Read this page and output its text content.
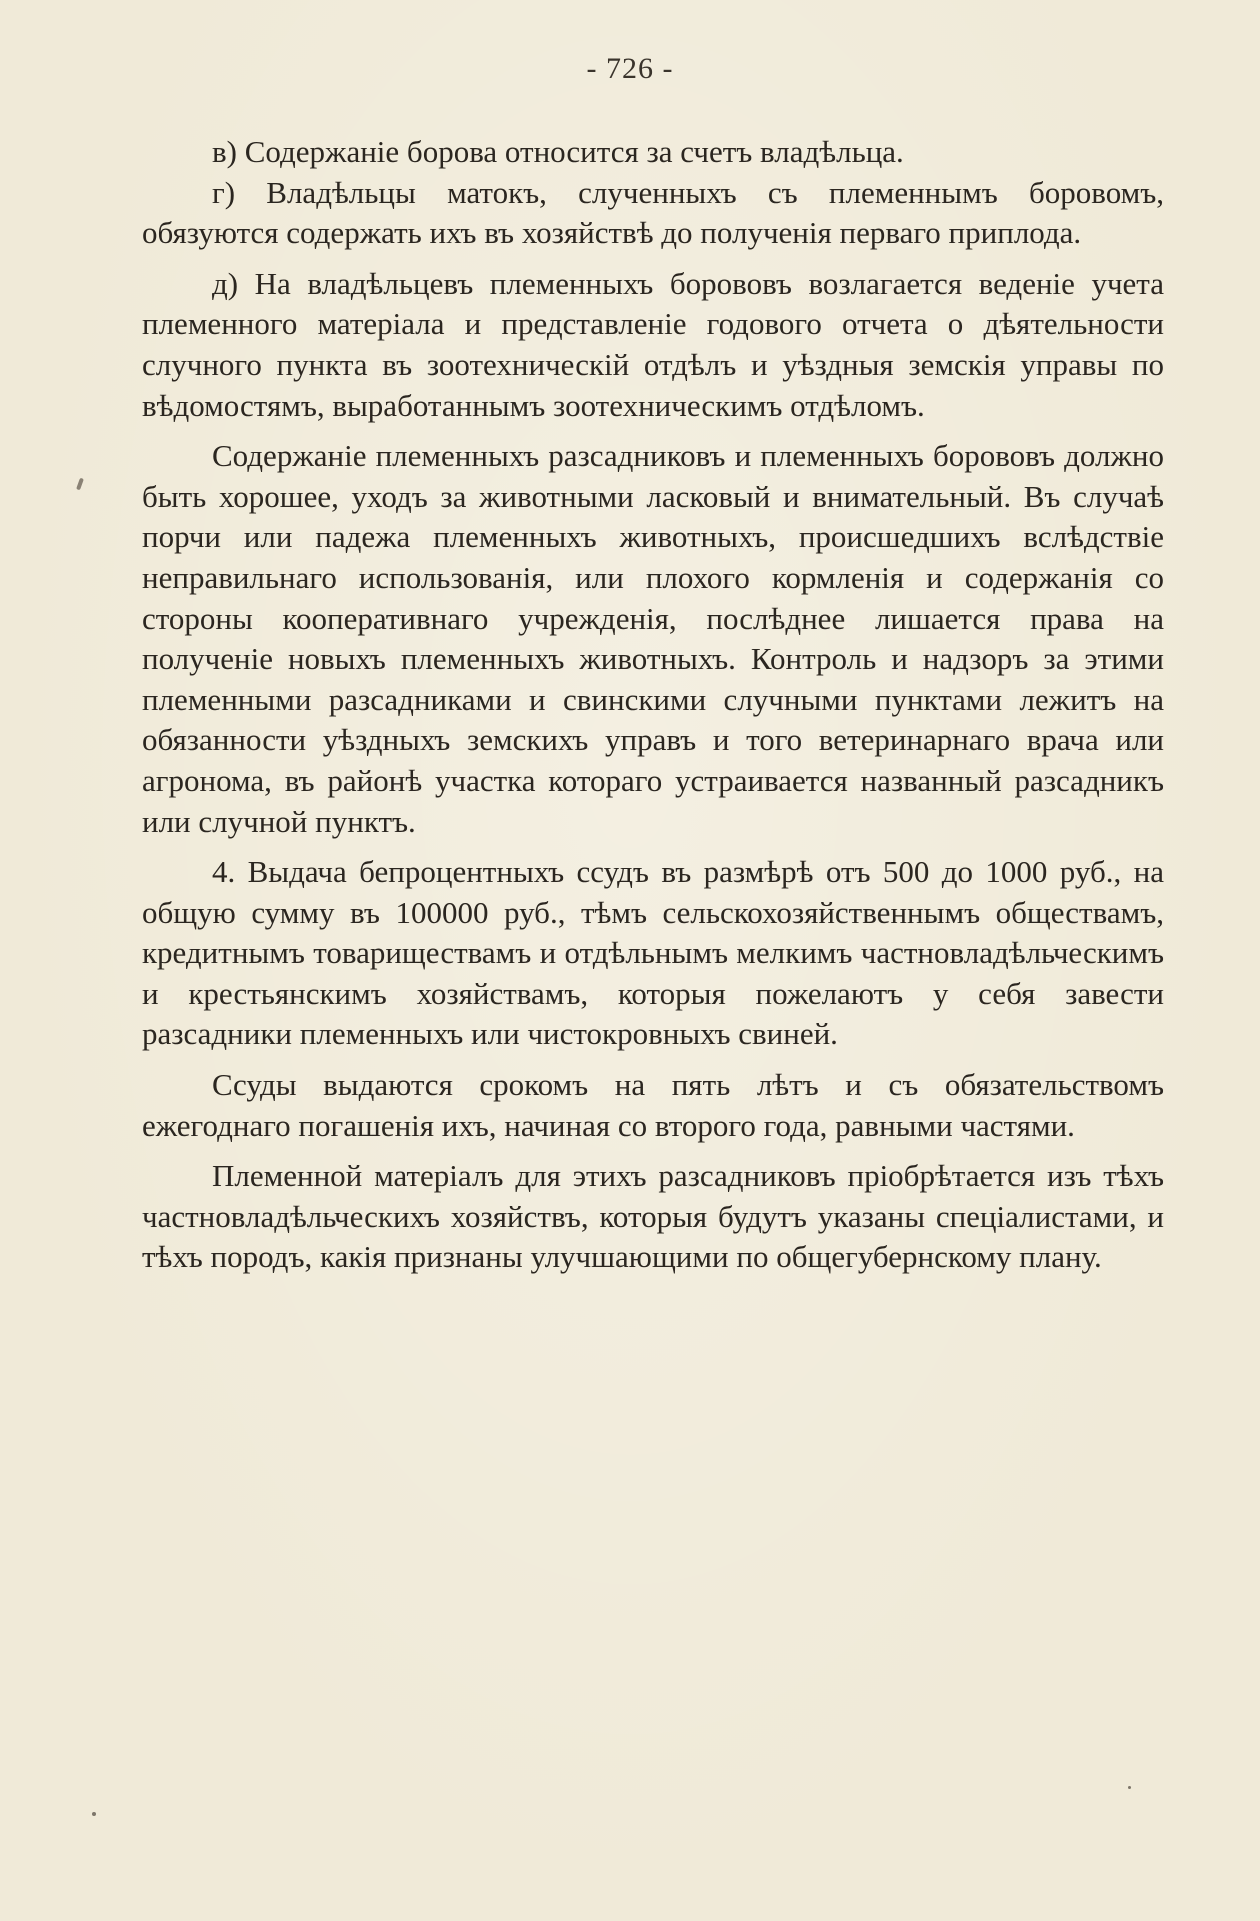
- 726 -

в) Содержаніе борова относится за счетъ владѣльца.

г) Владѣльцы матокъ, слученныхъ съ племеннымъ боровомъ, обязуются содержать ихъ въ хозяйствѣ до полученія перваго приплода.

д) На владѣльцевъ племенныхъ борововъ возлагается веденіе учета племенного матеріала и представленіе годового отчета о дѣятельности случного пункта въ зоотехническій отдѣлъ и уѣздныя земскія управы по вѣдомостямъ, выработаннымъ зоотехническимъ отдѣломъ.

Содержаніе племенныхъ разсадниковъ и племенныхъ борововъ должно быть хорошее, уходъ за животными ласковый и внимательный. Въ случаѣ порчи или падежа племенныхъ животныхъ, происшедшихъ вслѣдствіе неправильнаго использованія, или плохого кормленія и содержанія со стороны кооперативнаго учрежденія, послѣднее лишается права на полученіе новыхъ племенныхъ животныхъ. Контроль и надзоръ за этими племенными разсадниками и свинскими случными пунктами лежитъ на обязанности уѣздныхъ земскихъ управъ и того ветеринарнаго врача или агронома, въ районѣ участка котораго устраивается названный разсадникъ или случной пунктъ.

4. Выдача бепроцентныхъ ссудъ въ размѣрѣ отъ 500 до 1000 руб., на общую сумму въ 100000 руб., тѣмъ сельскохозяйственнымъ обществамъ, кредитнымъ товариществамъ и отдѣльнымъ мелкимъ частновладѣльческимъ и крестьянскимъ хозяйствамъ, которыя пожелаютъ у себя завести разсадники племенныхъ или чистокровныхъ свиней.

Ссуды выдаются срокомъ на пять лѣтъ и съ обязательствомъ ежегоднаго погашенія ихъ, начиная со второго года, равными частями.

Племенной матеріалъ для этихъ разсадниковъ пріобрѣтается изъ тѣхъ частновладѣльческихъ хозяйствъ, которыя будутъ указаны спеціалистами, и тѣхъ породъ, какія признаны улучшающими по общегубернскому плану.
